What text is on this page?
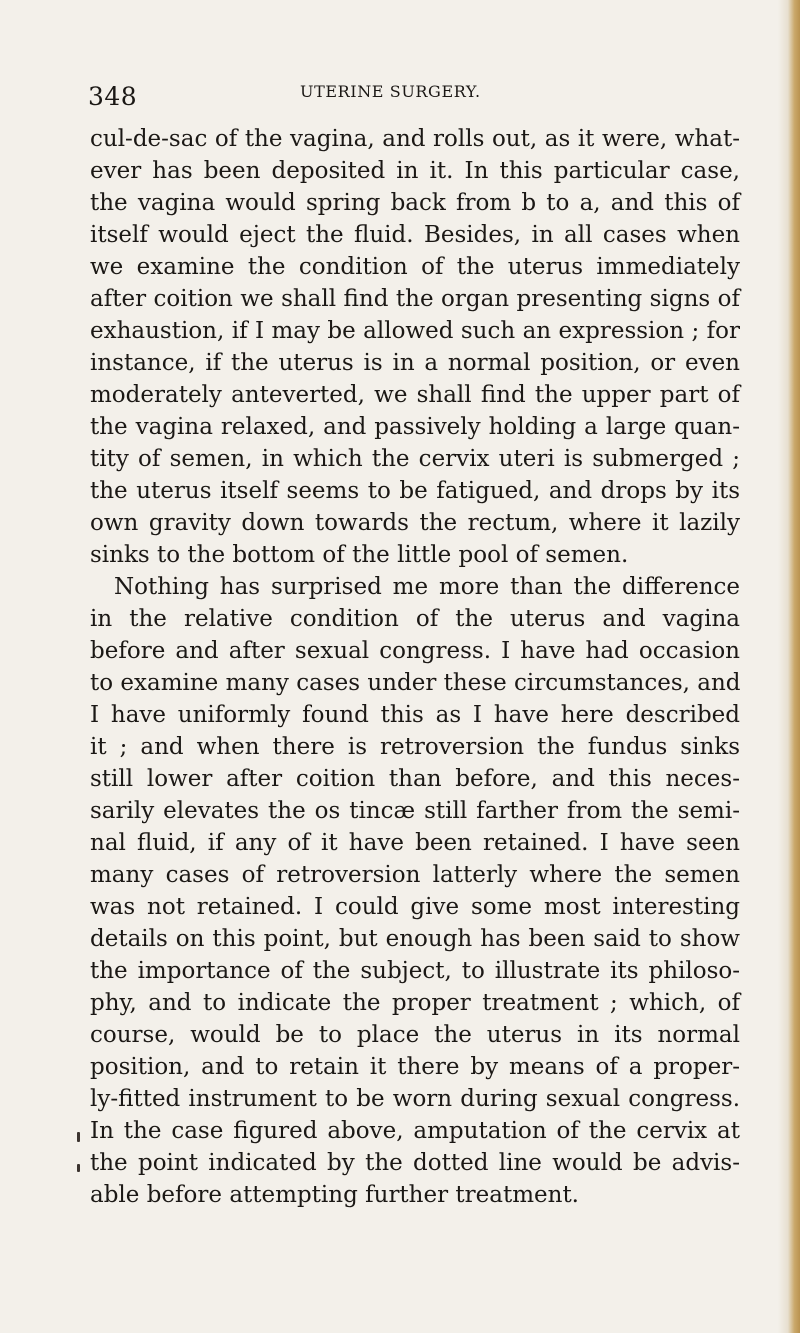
348	UTERINE SURGERY.
cul-de-sac of the vagina, and rolls out, as it were, what-
ever has been deposited in it. In this particular case,
the vagina would spring back from b to a, and this of
itself would eject the fluid. Besides, in all cases when
we examine the condition of the uterus immediately
after coition we shall find the organ presenting signs of
exhaustion, if I may be allowed such an expression ; for
instance, if the uterus is in a normal position, or even
moderately anteverted, we shall find the upper part of
the vagina relaxed, and passively holding a large quan-
tity of semen, in which the cervix uteri is submerged ;
the uterus itself seems to be fatigued, and drops by its
own gravity down towards the rectum, where it lazily
sinks to the bottom of the little pool of semen.
Nothing has surprised me more than the difference
in the relative condition of the uterus and vagina
before and after sexual congress. I have had occasion
to examine many cases under these circumstances, and
I have uniformly found this as I have here described
it ; and when there is retroversion the fundus sinks
still lower after coition than before, and this neces-
sarily elevates the os tincæ still farther from the semi-
nal fluid, if any of it have been retained. I have seen
many cases of retroversion latterly where the semen
was not retained. I could give some most interesting
details on this point, but enough has been said to show
the importance of the subject, to illustrate its philoso-
phy, and to indicate the proper treatment ; which, of
course, would be to place the uterus in its normal
position, and to retain it there by means of a proper-
ly-fitted instrument to be worn during sexual congress.
In the case figured above, amputation of the cervix at
the point indicated by the dotted line would be advis-
able before attempting further treatment.
